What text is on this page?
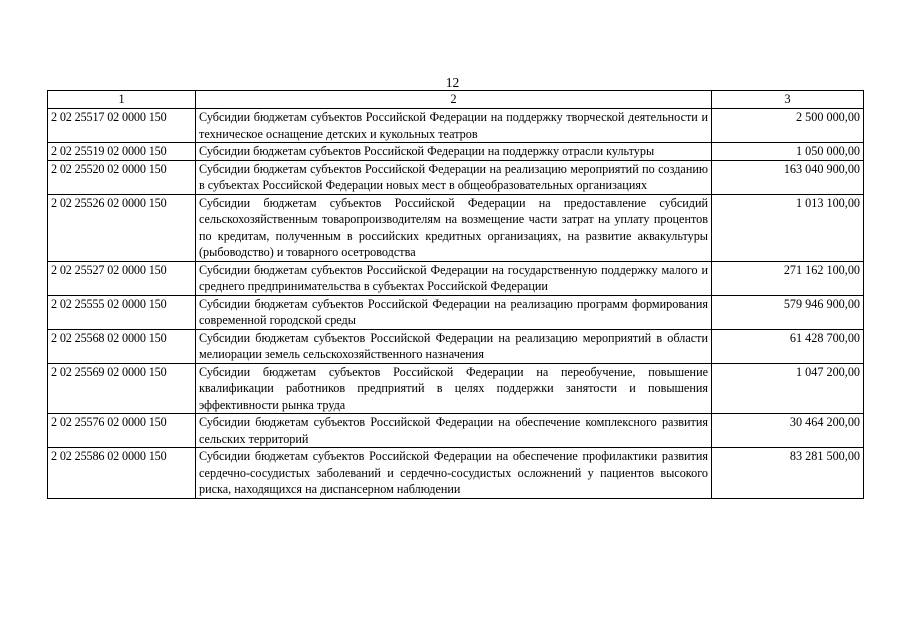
12
1	2	3
2 02 25517 02 0000 150	Субсидии бюджетам субъектов Российской Федерации на поддержку творческой деятельности и техническое оснащение детских и кукольных театров	2 500 000,00
2 02 25519 02 0000 150	Субсидии бюджетам субъектов Российской Федерации на поддержку отрасли культуры	1 050 000,00
2 02 25520 02 0000 150	Субсидии бюджетам субъектов Российской Федерации на реализацию мероприятий по созданию в субъектах Российской Федерации новых мест в общеобразовательных организациях	163 040 900,00
2 02 25526 02 0000 150	Субсидии бюджетам субъектов Российской Федерации на предоставление субсидий сельскохозяйственным товаропроизводителям на возмещение части затрат на уплату процентов по кредитам, полученным в российских кредитных организациях, на развитие аквакультуры (рыбоводство) и товарного осетроводства	1 013 100,00
2 02 25527 02 0000 150	Субсидии бюджетам субъектов Российской Федерации на государственную поддержку малого и среднего предпринимательства в субъектах Российской Федерации	271 162 100,00
2 02 25555 02 0000 150	Субсидии бюджетам субъектов Российской Федерации на реализацию программ формирования современной городской среды	579 946 900,00
2 02 25568 02 0000 150	Субсидии бюджетам субъектов Российской Федерации на реализацию мероприятий в области мелиорации земель сельскохозяйственного назначения	61 428 700,00
2 02 25569 02 0000 150	Субсидии бюджетам субъектов Российской Федерации на переобучение, повышение квалификации работников предприятий в целях поддержки занятости и повышения эффективности рынка труда	1 047 200,00
2 02 25576 02 0000 150	Субсидии бюджетам субъектов Российской Федерации на обеспечение комплексного развития сельских территорий	30 464 200,00
2 02 25586 02 0000 150	Субсидии бюджетам субъектов Российской Федерации на обеспечение профилактики развития сердечно-сосудистых заболеваний и сердечно-сосудистых осложнений у пациентов высокого риска, находящихся на диспансерном наблюдении	83 281 500,00
